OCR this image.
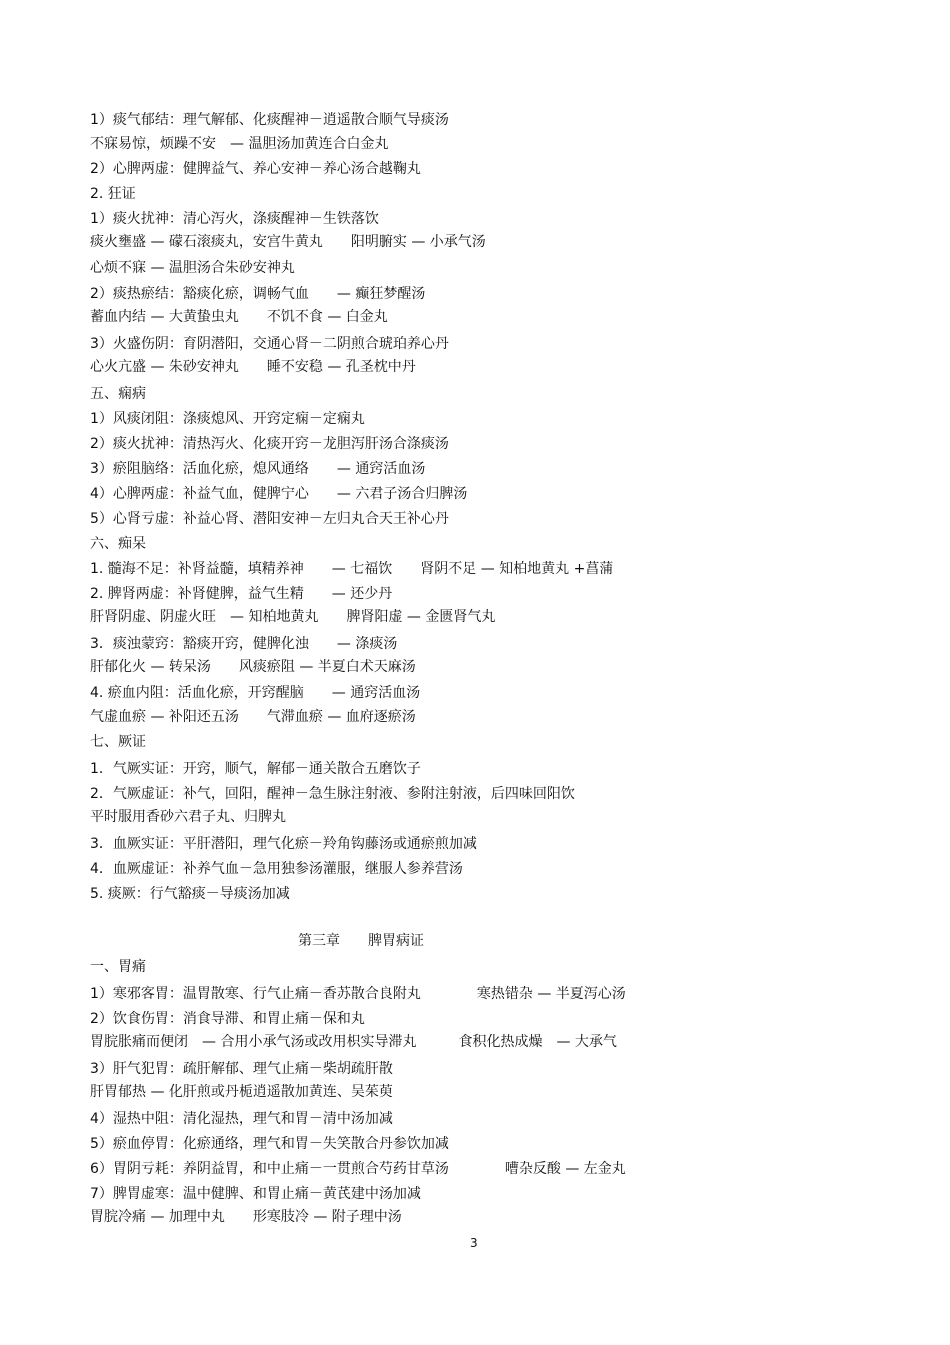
1）痰气郁结：理气解郁、化痰醒神－逍遥散合顺气导痰汤
不寐易惊，烦躁不安　— 温胆汤加黄连合白金丸
2）心脾两虚：健脾益气、养心安神－养心汤合越鞠丸
2. 狂证
1）痰火扰神：清心泻火，涤痰醒神－生铁落饮
痰火壅盛 — 礞石滚痰丸，安宫牛黄丸　　阳明腑实 — 小承气汤
心烦不寐 — 温胆汤合朱砂安神丸
2）痰热瘀结：豁痰化瘀，调畅气血　　— 癫狂梦醒汤
蓄血内结 — 大黄蛰虫丸　　不饥不食 — 白金丸
3）火盛伤阴：育阴潜阳，交通心肾－二阴煎合琥珀养心丹
心火亢盛 — 朱砂安神丸　　睡不安稳 — 孔圣枕中丹
五、痫病
1）风痰闭阻：涤痰熄风、开窍定痫－定痫丸
2）痰火扰神：清热泻火、化痰开窍－龙胆泻肝汤合涤痰汤
3）瘀阻脑络：活血化瘀，熄风通络　　— 通窍活血汤
4）心脾两虚：补益气血，健脾宁心　　— 六君子汤合归脾汤
5）心肾亏虚：补益心肾、潜阳安神－左归丸合天王补心丹
六、痴呆
1. 髓海不足：补肾益髓，填精养神　　— 七福饮　　肾阴不足 — 知柏地黄丸 +菖蒲
2. 脾肾两虚：补肾健脾，益气生精　　— 还少丹
肝肾阴虚、阴虚火旺　— 知柏地黄丸　　脾肾阳虚 — 金匮肾气丸
3．痰浊蒙窍：豁痰开窍，健脾化浊　　— 涤痰汤
肝郁化火 — 转呆汤　　风痰瘀阻 — 半夏白术天麻汤
4. 瘀血内阻：活血化瘀，开窍醒脑　　— 通窍活血汤
气虚血瘀 — 补阳还五汤　　气滞血瘀 — 血府逐瘀汤
七、厥证
1．气厥实证：开窍，顺气，解郁－通关散合五磨饮子
2．气厥虚证：补气，回阳，醒神－急生脉注射液、参附注射液，后四味回阳饮
平时服用香砂六君子丸、归脾丸
3．血厥实证：平肝潜阳，理气化瘀－羚角钩藤汤或通瘀煎加减
4．血厥虚证：补养气血－急用独参汤灌服，继服人参养营汤
5. 痰厥：行气豁痰－导痰汤加减
第三章　　脾胃病证
一、胃痛
1）寒邪客胃：温胃散寒、行气止痛－香苏散合良附丸　　　　寒热错杂 — 半夏泻心汤
2）饮食伤胃：消食导滞、和胃止痛－保和丸
胃脘胀痛而便闭　— 合用小承气汤或改用枳实导滞丸　　　食积化热成燥　— 大承气
3）肝气犯胃：疏肝解郁、理气止痛－柴胡疏肝散
肝胃郁热 — 化肝煎或丹栀逍遥散加黄连、吴茱萸
4）湿热中阻：清化湿热，理气和胃－清中汤加减
5）瘀血停胃：化瘀通络，理气和胃－失笑散合丹参饮加减
6）胃阴亏耗：养阴益胃，和中止痛－一贯煎合芍药甘草汤　　　　嘈杂反酸 — 左金丸
7）脾胃虚寒：温中健脾、和胃止痛－黄芪建中汤加减
胃脘冷痛 — 加理中丸　　形寒肢冷 — 附子理中汤
3
